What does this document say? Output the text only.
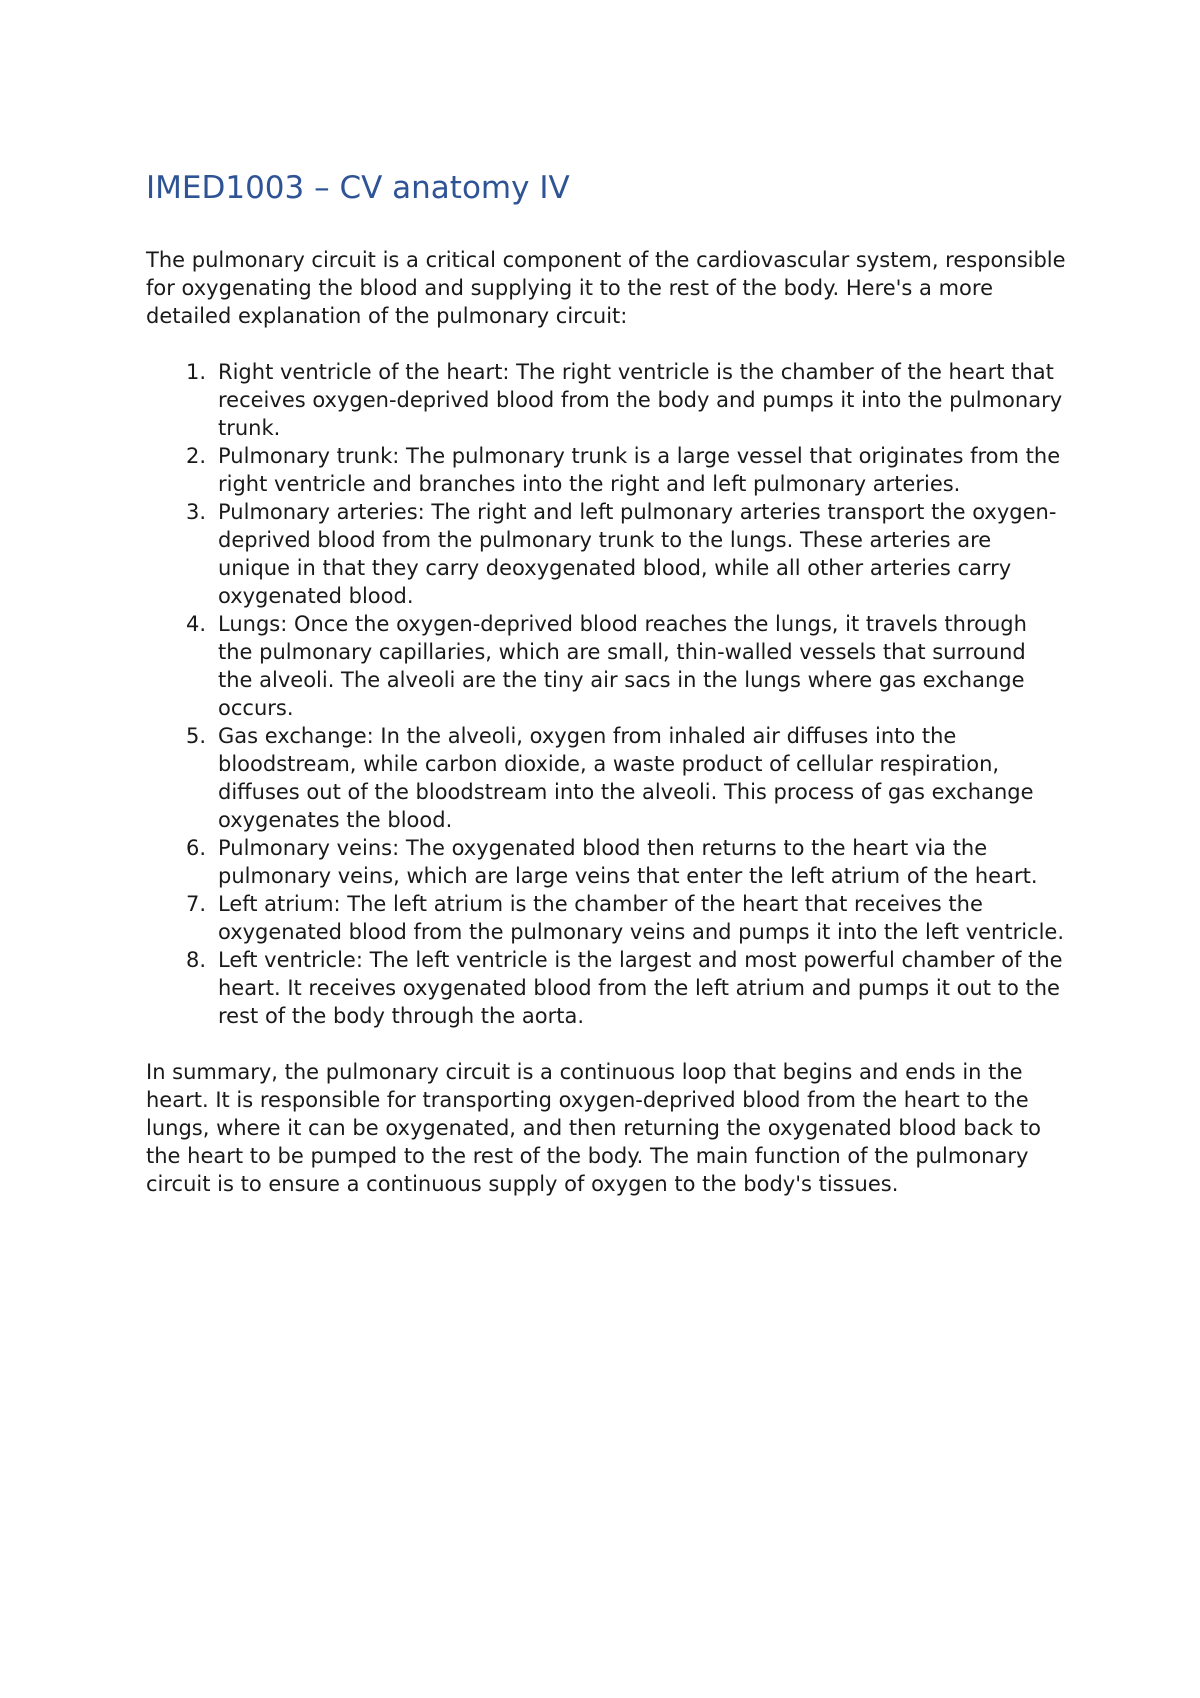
IMED1003 – CV anatomy IV

The pulmonary circuit is a critical component of the cardiovascular system, responsible for oxygenating the blood and supplying it to the rest of the body. Here's a more detailed explanation of the pulmonary circuit:

1. Right ventricle of the heart: The right ventricle is the chamber of the heart that receives oxygen-deprived blood from the body and pumps it into the pulmonary trunk.
2. Pulmonary trunk: The pulmonary trunk is a large vessel that originates from the right ventricle and branches into the right and left pulmonary arteries.
3. Pulmonary arteries: The right and left pulmonary arteries transport the oxygen-deprived blood from the pulmonary trunk to the lungs. These arteries are unique in that they carry deoxygenated blood, while all other arteries carry oxygenated blood.
4. Lungs: Once the oxygen-deprived blood reaches the lungs, it travels through the pulmonary capillaries, which are small, thin-walled vessels that surround the alveoli. The alveoli are the tiny air sacs in the lungs where gas exchange occurs.
5. Gas exchange: In the alveoli, oxygen from inhaled air diffuses into the bloodstream, while carbon dioxide, a waste product of cellular respiration, diffuses out of the bloodstream into the alveoli. This process of gas exchange oxygenates the blood.
6. Pulmonary veins: The oxygenated blood then returns to the heart via the pulmonary veins, which are large veins that enter the left atrium of the heart.
7. Left atrium: The left atrium is the chamber of the heart that receives the oxygenated blood from the pulmonary veins and pumps it into the left ventricle.
8. Left ventricle: The left ventricle is the largest and most powerful chamber of the heart. It receives oxygenated blood from the left atrium and pumps it out to the rest of the body through the aorta.

In summary, the pulmonary circuit is a continuous loop that begins and ends in the heart. It is responsible for transporting oxygen-deprived blood from the heart to the lungs, where it can be oxygenated, and then returning the oxygenated blood back to the heart to be pumped to the rest of the body. The main function of the pulmonary circuit is to ensure a continuous supply of oxygen to the body's tissues.
